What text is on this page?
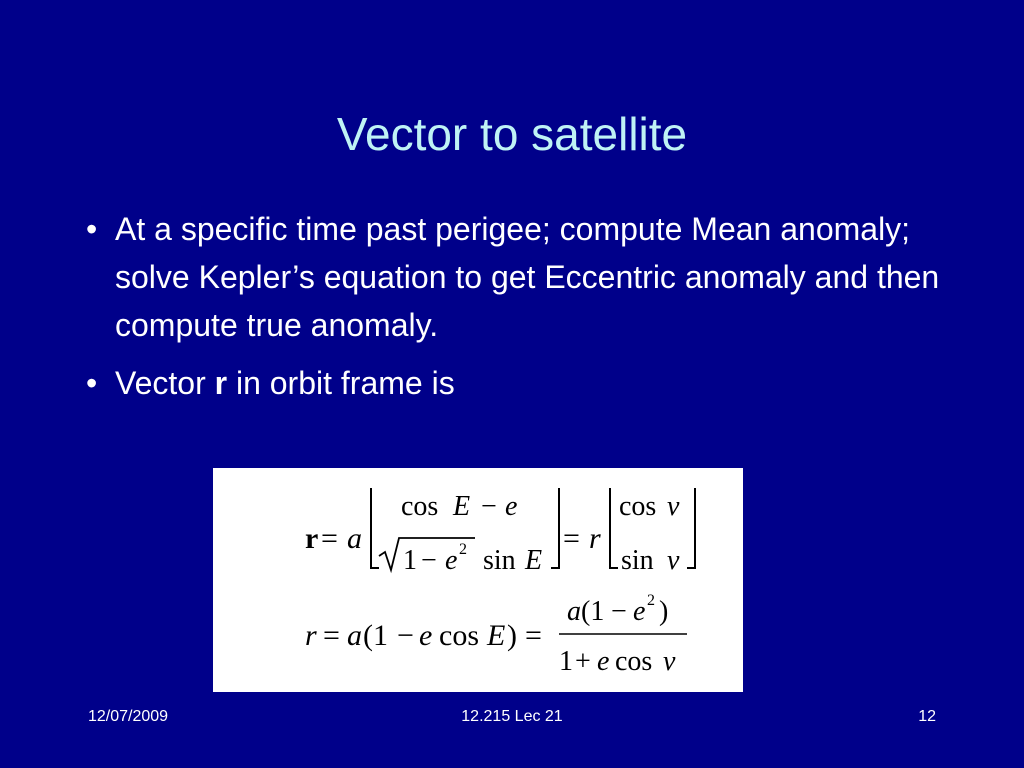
Vector to satellite
• At a specific time past perigee; compute Mean anomaly; solve Kepler’s equation to get Eccentric anomaly and then compute true anomaly.
• Vector r in orbit frame is
r = a
cos E − e
1 − e 2 sin E
= r
cos ν
sin ν
r = a (1 − e cos E ) =
a (1 − e 2 )
1 + e cos ν
12/07/2009	12.215 Lec 21	12
